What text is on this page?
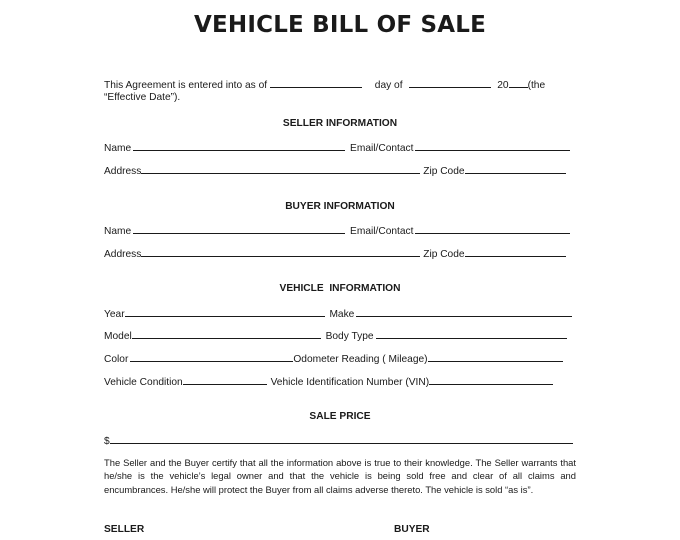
VEHICLE BILL OF SALE
This Agreement is entered into as of	day of	20 (the
“Effective Date”).
SELLER INFORMATION
Name	Email/Contact
Address	Zip Code
BUYER INFORMATION
Name	Email/Contact
Address	Zip Code
VEHICLE  INFORMATION
Year	Make
Model	Body Type
Color	Odometer Reading ( Mileage)
Vehicle Condition	Vehicle Identification Number (VIN)
SALE PRICE
$
The Seller and the Buyer certify that all the information above is true to their knowledge. The Seller warrants that he/she is the vehicle’s legal owner and that the vehicle is being sold free and clear of all claims and encumbrances. He/she will protect the Buyer from all claims adverse thereto. The vehicle is sold “as is”.
SELLER	BUYER
